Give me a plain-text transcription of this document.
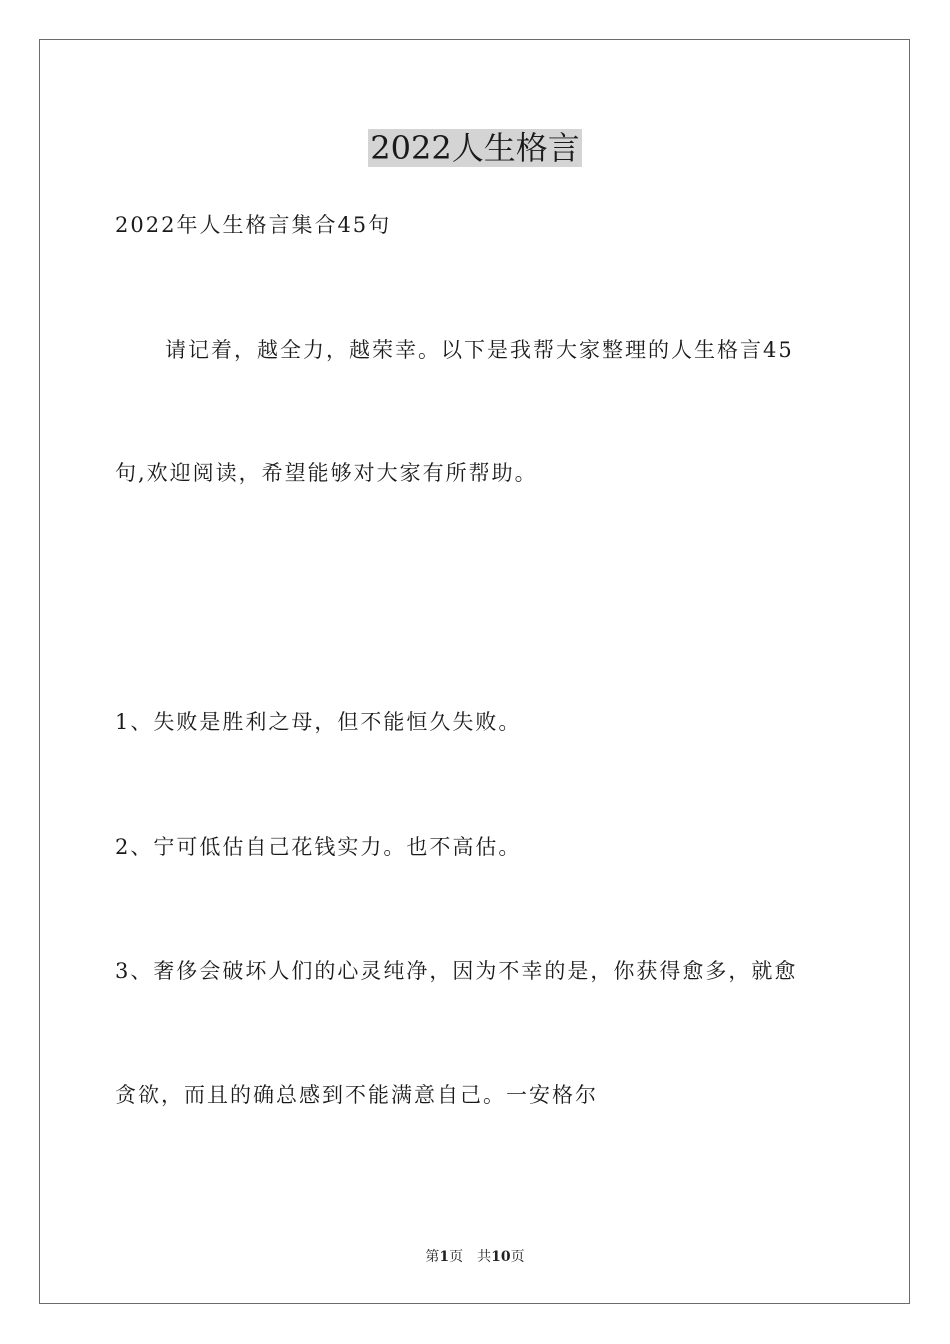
2022人生格言
2022年人生格言集合45句
请记着，越全力，越荣幸。以下是我帮大家整理的人生格言45
句,欢迎阅读，希望能够对大家有所帮助。
1、失败是胜利之母，但不能恒久失败。
2、宁可低估自己花钱实力。也不高估。
3、奢侈会破坏人们的心灵纯净，因为不幸的是，你获得愈多，就愈
贪欲，而且的确总感到不能满意自己。一安格尔
第1页 共10页
